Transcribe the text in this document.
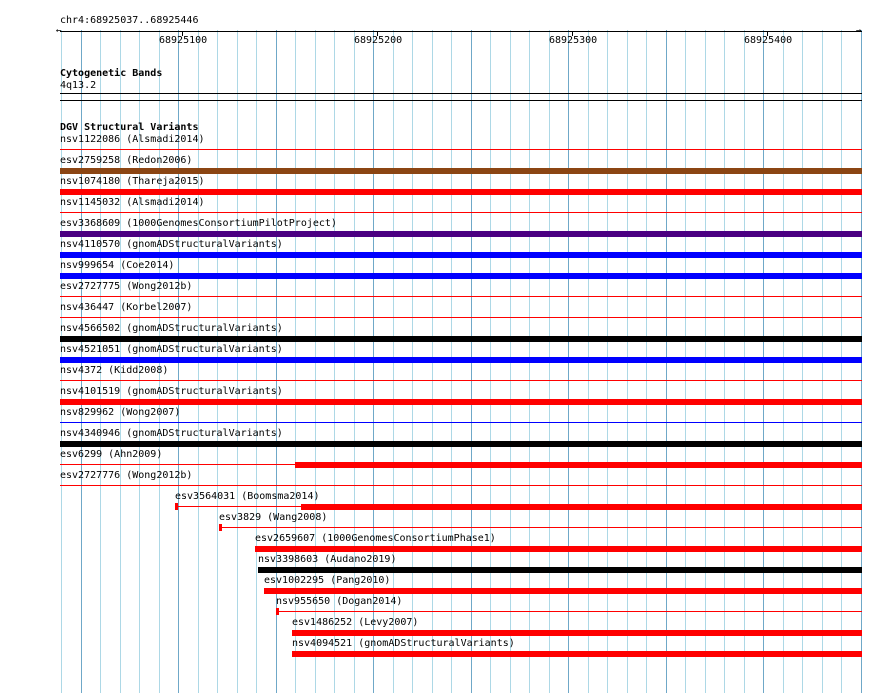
chr4:68925037..68925446
←	→
68925100	68925200	68925300	68925400
Cytogenetic Bands
4q13.2
DGV Structural Variants
nsv1122086 (Alsmadi2014)
esv2759258 (Redon2006)
nsv1074180 (Thareja2015)
nsv1145032 (Alsmadi2014)
esv3368609 (1000GenomesConsortiumPilotProject)
nsv4110570 (gnomADStructuralVariants)
nsv999654 (Coe2014)
esv2727775 (Wong2012b)
nsv436447 (Korbel2007)
nsv4566502 (gnomADStructuralVariants)
nsv4521051 (gnomADStructuralVariants)
nsv4372 (Kidd2008)
nsv4101519 (gnomADStructuralVariants)
nsv829962 (Wong2007)
nsv4340946 (gnomADStructuralVariants)
esv6299 (Ahn2009)
esv2727776 (Wong2012b)
esv3564031 (Boomsma2014)
esv3829 (Wang2008)
esv2659607 (1000GenomesConsortiumPhase1)
nsv3398603 (Audano2019)
esv1002295 (Pang2010)
nsv955650 (Dogan2014)
esv1486252 (Levy2007)
nsv4094521 (gnomADStructuralVariants)
